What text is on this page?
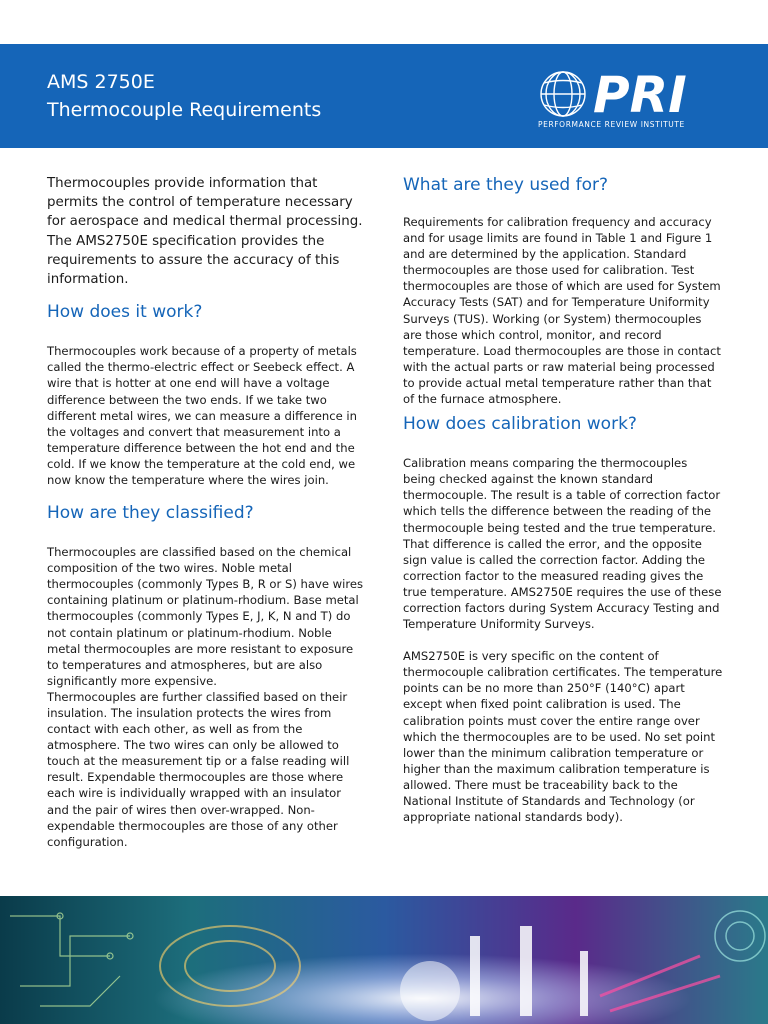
AMS 2750E
Thermocouple Requirements	PRI
PERFORMANCE REVIEW INSTITUTE

Thermocouples provide information that permits the control of temperature necessary for aerospace and medical thermal processing. The AMS2750E specification provides the requirements to assure the accuracy of this information.

How does it work?

Thermocouples work because of a property of metals called the thermo-electric effect or Seebeck effect. A wire that is hotter at one end will have a voltage difference between the two ends. If we take two different metal wires, we can measure a difference in the voltages and convert that measurement into a temperature difference between the hot end and the cold. If we know the temperature at the cold end, we now know the temperature where the wires join.

How are they classified?

Thermocouples are classified based on the chemical composition of the two wires. Noble metal thermocouples (commonly Types B, R or S) have wires containing platinum or platinum-rhodium. Base metal thermocouples (commonly Types E, J, K, N and T) do not contain platinum or platinum-rhodium. Noble metal thermocouples are more resistant to exposure to temperatures and atmospheres, but are also significantly more expensive.

Thermocouples are further classified based on their insulation. The insulation protects the wires from contact with each other, as well as from the atmosphere. The two wires can only be allowed to touch at the measurement tip or a false reading will result. Expendable thermocouples are those where each wire is individually wrapped with an insulator and the pair of wires then over-wrapped. Non-expendable thermocouples are those of any other configuration.

What are they used for?

Requirements for calibration frequency and accuracy and for usage limits are found in Table 1 and Figure 1 and are determined by the application. Standard thermocouples are those used for calibration. Test thermocouples are those of which are used for System Accuracy Tests (SAT) and for Temperature Uniformity Surveys (TUS). Working (or System) thermocouples are those which control, monitor, and record temperature. Load thermocouples are those in contact with the actual parts or raw material being processed to provide actual metal temperature rather than that of the furnace atmosphere.

How does calibration work?

Calibration means comparing the thermocouples being checked against the known standard thermocouple. The result is a table of correction factor which tells the difference between the reading of the thermocouple being tested and the true temperature. That difference is called the error, and the opposite sign value is called the correction factor. Adding the correction factor to the measured reading gives the true temperature. AMS2750E requires the use of these correction factors during System Accuracy Testing and Temperature Uniformity Surveys.

AMS2750E is very specific on the content of thermocouple calibration certificates. The temperature points can be no more than 250°F (140°C) apart except when fixed point calibration is used. The calibration points must cover the entire range over which the thermocouples are to be used. No set point lower than the minimum calibration temperature or higher than the maximum calibration temperature is allowed. There must be traceability back to the National Institute of Standards and Technology (or appropriate national standards body).
